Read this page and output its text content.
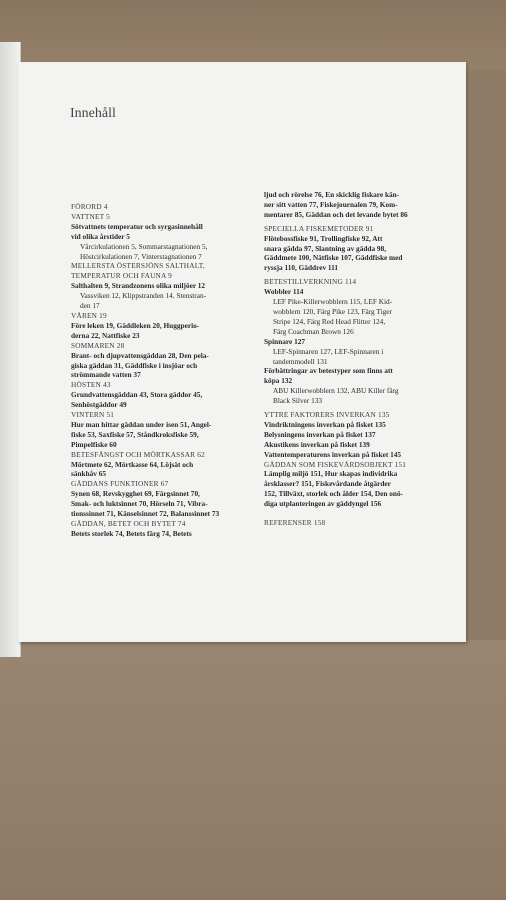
Innehåll
FÖRORD 4
VATTNET 5
Sötvattnets temperatur och syrgasinnehåll
vid olika årstider 5
Vårcirkulationen 5, Sommarstagnationen 5,
Höstcirkulationen 7, Vinterstagnationen 7
MELLERSTA ÖSTERSJÖNS SALTHALT,
TEMPERATUR OCH FAUNA 9
Salthalten 9, Strandzonens olika miljöer 12
Vassviken 12, Klippstranden 14, Stenstran-
den 17
VÅREN 19
Före leken 19, Gäddleken 20, Huggperio-
derna 22, Nattfiske 23
SOMMAREN 28
Brant- och djupvattensgäddan 28, Den pela-
giska gäddan 31, Gäddfiske i insjöar och
strömmande vatten 37
HÖSTEN 43
Grundvattensgäddan 43, Stora gäddor 45,
Senhöstgäddor 49
VINTERN 51
Hur man hittar gäddan under isen 51, Angel-
fiske 53, Saxfiske 57, Ståndkroksfiske 59,
Pimpelfiske 60
BETESFÅNGST OCH MÖRTKASSAR 62
Mörtmete 62, Mörtkasse 64, Löjsät och
sänkhåv 65
GÄDDANS FUNKTIONER 67
Synen 68, Revskygghet 69, Färgsinnet 70,
Smak- och luktsinnet 70, Hörseln 71, Vibra-
tionssinnet 71, Känselsinnet 72, Balanssinnet 73
GÄDDAN, BETET OCH BYTET 74
Betets storlek 74, Betets färg 74, Betets
ljud och rörelse 76, En skicklig fiskare kän-
ner sitt vatten 77, Fiskejournalen 79, Kom-
mentarer 85, Gäddan och det levande bytet 86
SPECIELLA FISKEMETODER 91
Flötebossfiske 91, Trollingfiske 92, Att
snara gädda 97, Slantning av gädda 98,
Gäddmete 100, Nätfiske 107, Gäddfiske med
ryssja 110, Gäddrev 111
BETESTILLVERKNING 114
Wobbler 114
LEF Pike-Killerwobblern 115, LEF Kid-
wobblern 120, Färg Pike 123, Färg Tiger
Stripe 124, Färg Red Head Flitter 124,
Färg Coachman Brown 126
Spinnare 127
LEF-Spinnaren 127, LEF-Spinnaren i
tandemmodell 131
Förbättringar av betestyper som finns att
köpa 132
ABU Killerwobblern 132, ABU Killer färg
Black Silver 133
YTTRE FAKTORERS INVERKAN 135
Vindriktningens inverkan på fisket 135
Belysningens inverkan på fisket 137
Akustikens inverkan på fisket 139
Vattentemperaturens inverkan på fisket 145
GÄDDAN SOM FISKEVÅRDSOBJEKT 151
Lämplig miljö 151, Hur skapas individrika
årsklasser? 151, Fiskevårdande åtgärder
152, Tillväxt, storlek och ålder 154, Den onö-
diga utplanteringen av gäddyngel 156
REFERENSER 158
